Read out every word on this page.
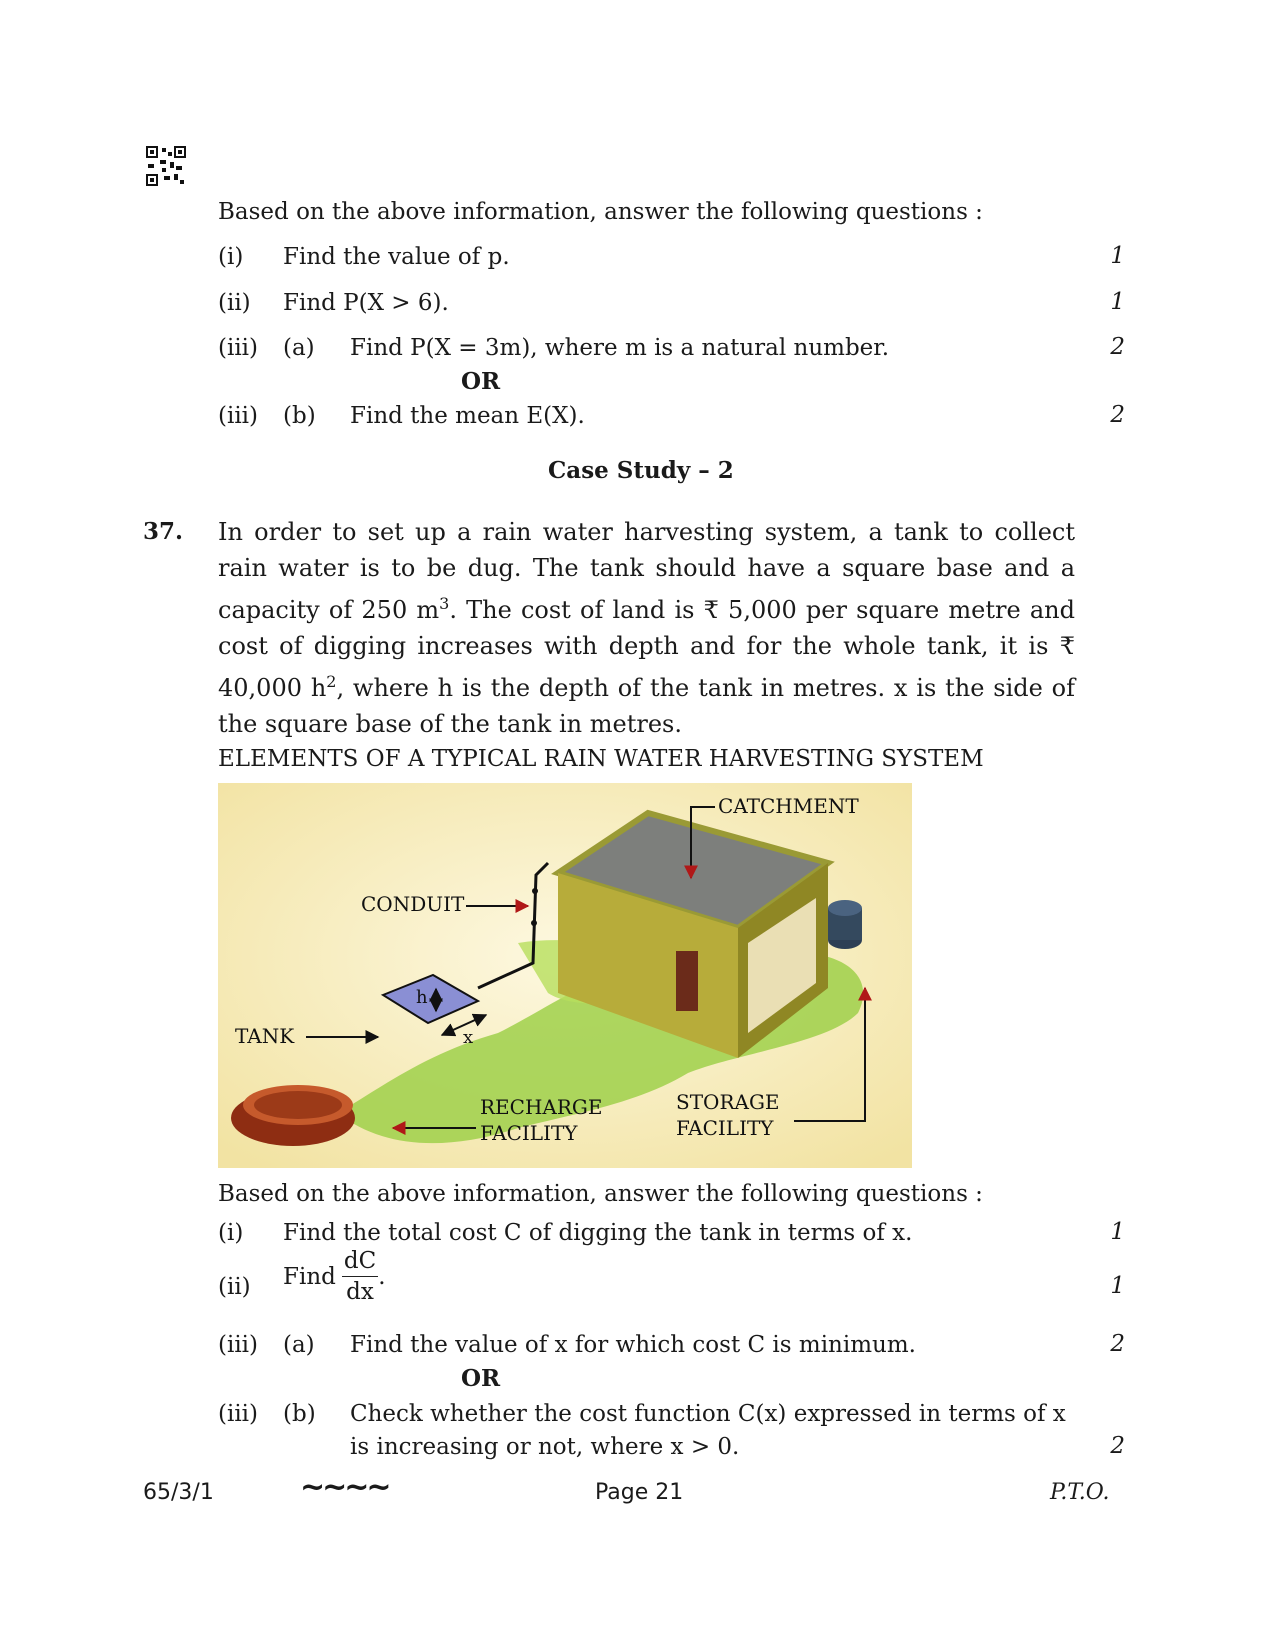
Based on the above information, answer the following questions :
(i) Find the value of p.	1
(ii) Find P(X > 6).	1
(iii) (a) Find P(X = 3m), where m is a natural number.	2
OR
(iii) (b) Find the mean E(X).	2
Case Study – 2
37. In order to set up a rain water harvesting system, a tank to collect rain water is to be dug. The tank should have a square base and a capacity of 250 $m^3$. The cost of land is ₹ 5,000 per square metre and cost of digging increases with depth and for the whole tank, it is ₹ 40,000 $h^2$, where h is the depth of the tank in metres. x is the side of the square base of the tank in metres.
ELEMENTS OF A TYPICAL RAIN WATER HARVESTING SYSTEM
h
x
CATCHMENT
CONDUIT
TANK
RECHARGE
FACILITY
STORAGE
FACILITY
Based on the above information, answer the following questions :
(i) Find the total cost C of digging the tank in terms of x.	1
(ii) Find $\frac{dC}{dx}$ .	1
(iii) (a) Find the value of x for which cost C is minimum.	2
OR
(iii) (b) Check whether the cost function C(x) expressed in terms of x
is increasing or not, where x > 0.	2
65/3/1	~~~~	Page 21	P.T.O.
